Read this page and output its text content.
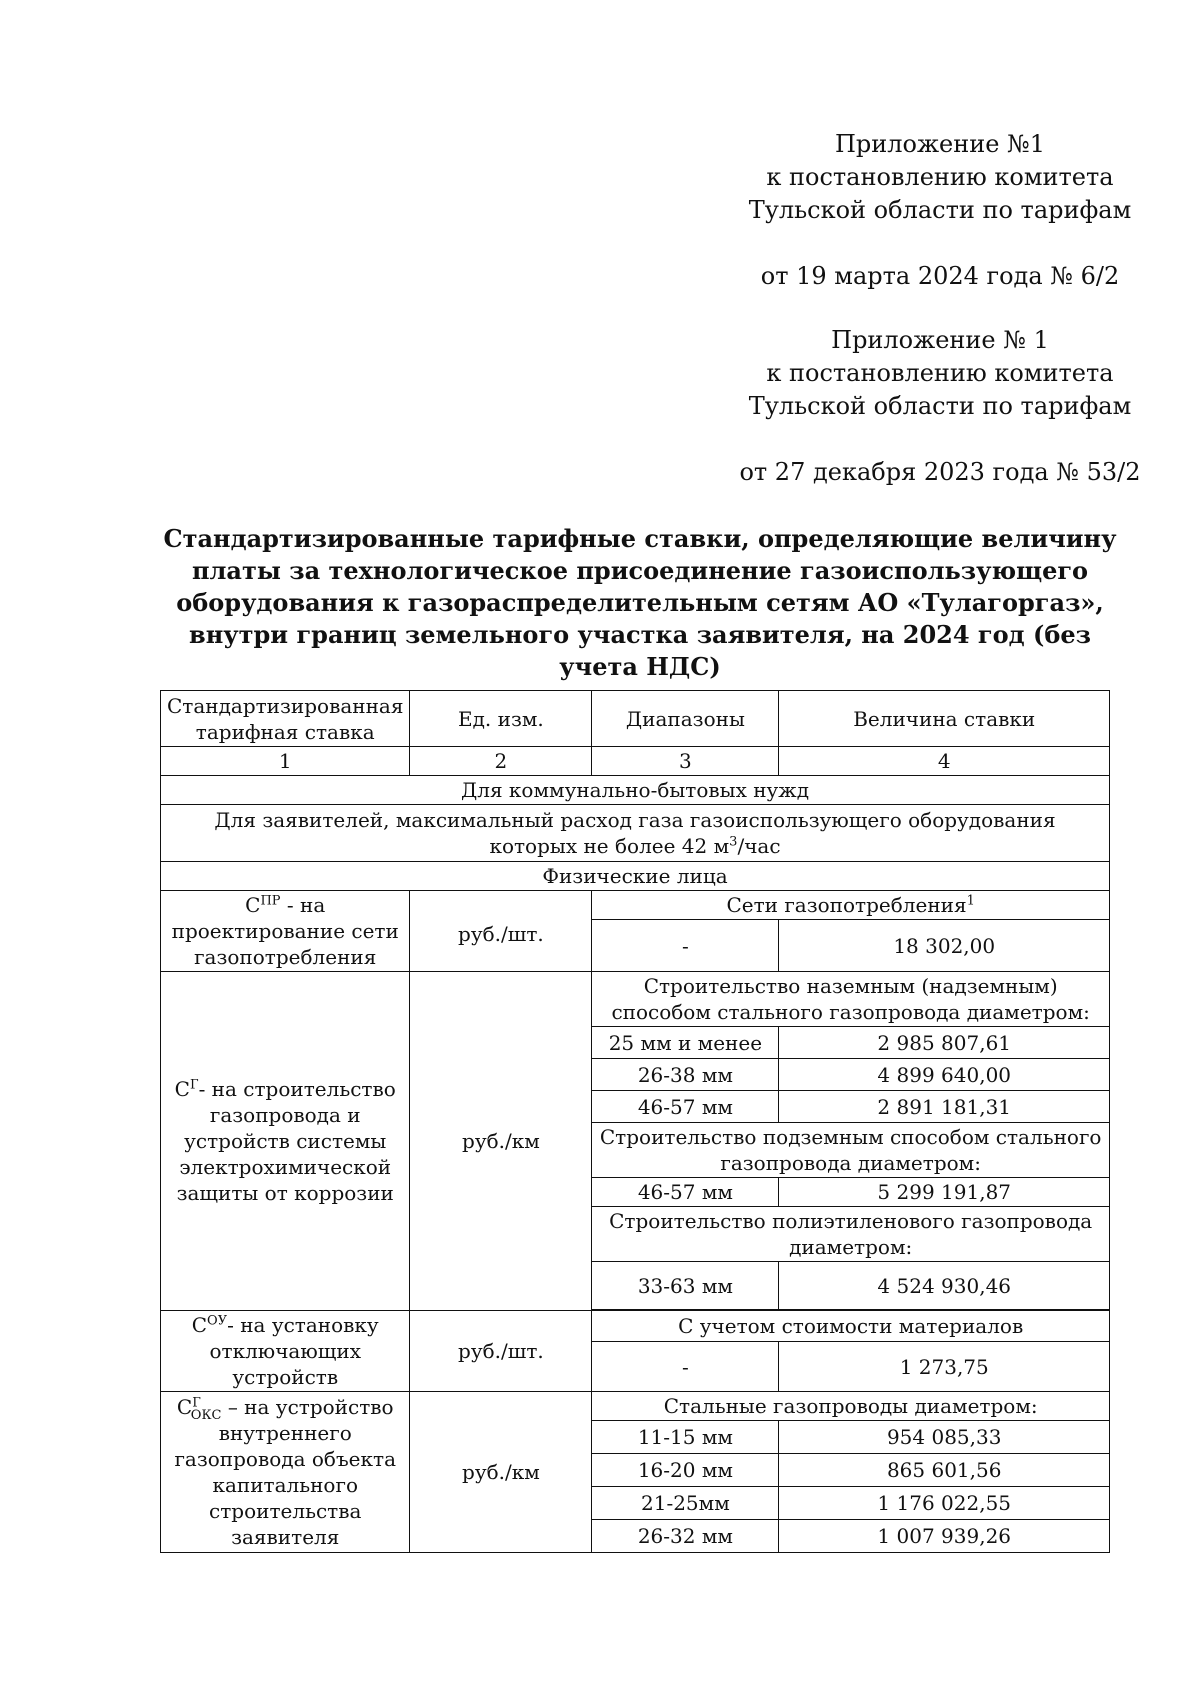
Приложение №1
к постановлению комитета
Тульской области по тарифам
от 19 марта 2024 года № 6/2
Приложение № 1
к постановлению комитета
Тульской области по тарифам
от 27 декабря 2023 года № 53/2
Стандартизированные тарифные ставки, определяющие величину платы за технологическое присоединение газоиспользующего оборудования к газораспределительным сетям АО «Тулагоргаз», внутри границ земельного участка заявителя, на 2024 год (без учета НДС)
Стандартизированная тарифная ставка	Ед. изм.	Диапазоны	Величина ставки
1	2	3	4
Для коммунально-бытовых нужд			
Для заявителей, максимальный расход газа газоиспользующего оборудования которых не более 42 $м^3$/час			
Физические лица			
$С^{ПР}$ - на проектирование сети газопотребления	руб./шт.	Сети газопотребления$^1$
		-	18 302,00
$С^Г-$ на строительство газопровода и устройств системы электрохимической защиты от коррозии	руб./км	Строительство наземным (надземным) способом стального газопровода диаметром:	
		25 мм и менее	2 985 807,61
		26-38 мм	4 899 640,00
		46-57 мм	2 891 181,31
		Строительство подземным способом стального газопровода диаметром:	
		46-57 мм	5 299 191,87
		Строительство полиэтиленового газопровода диаметром:	
		33-63 мм	4 524 930,46

$С^{ОУ}-$ на установку отключающих устройств	руб./шт.	С учетом стоимости материалов	
		-	1 273,75
$С^Г_{ОКС}$ – на устройство внутреннего газопровода объекта капитального строительства заявителя	руб./км	Стальные газопроводы диаметром:	
		11-15 мм	954 085,33
		16-20 мм	865 601,56
		21-25мм	1 176 022,55
		26-32 мм	1 007 939,26
